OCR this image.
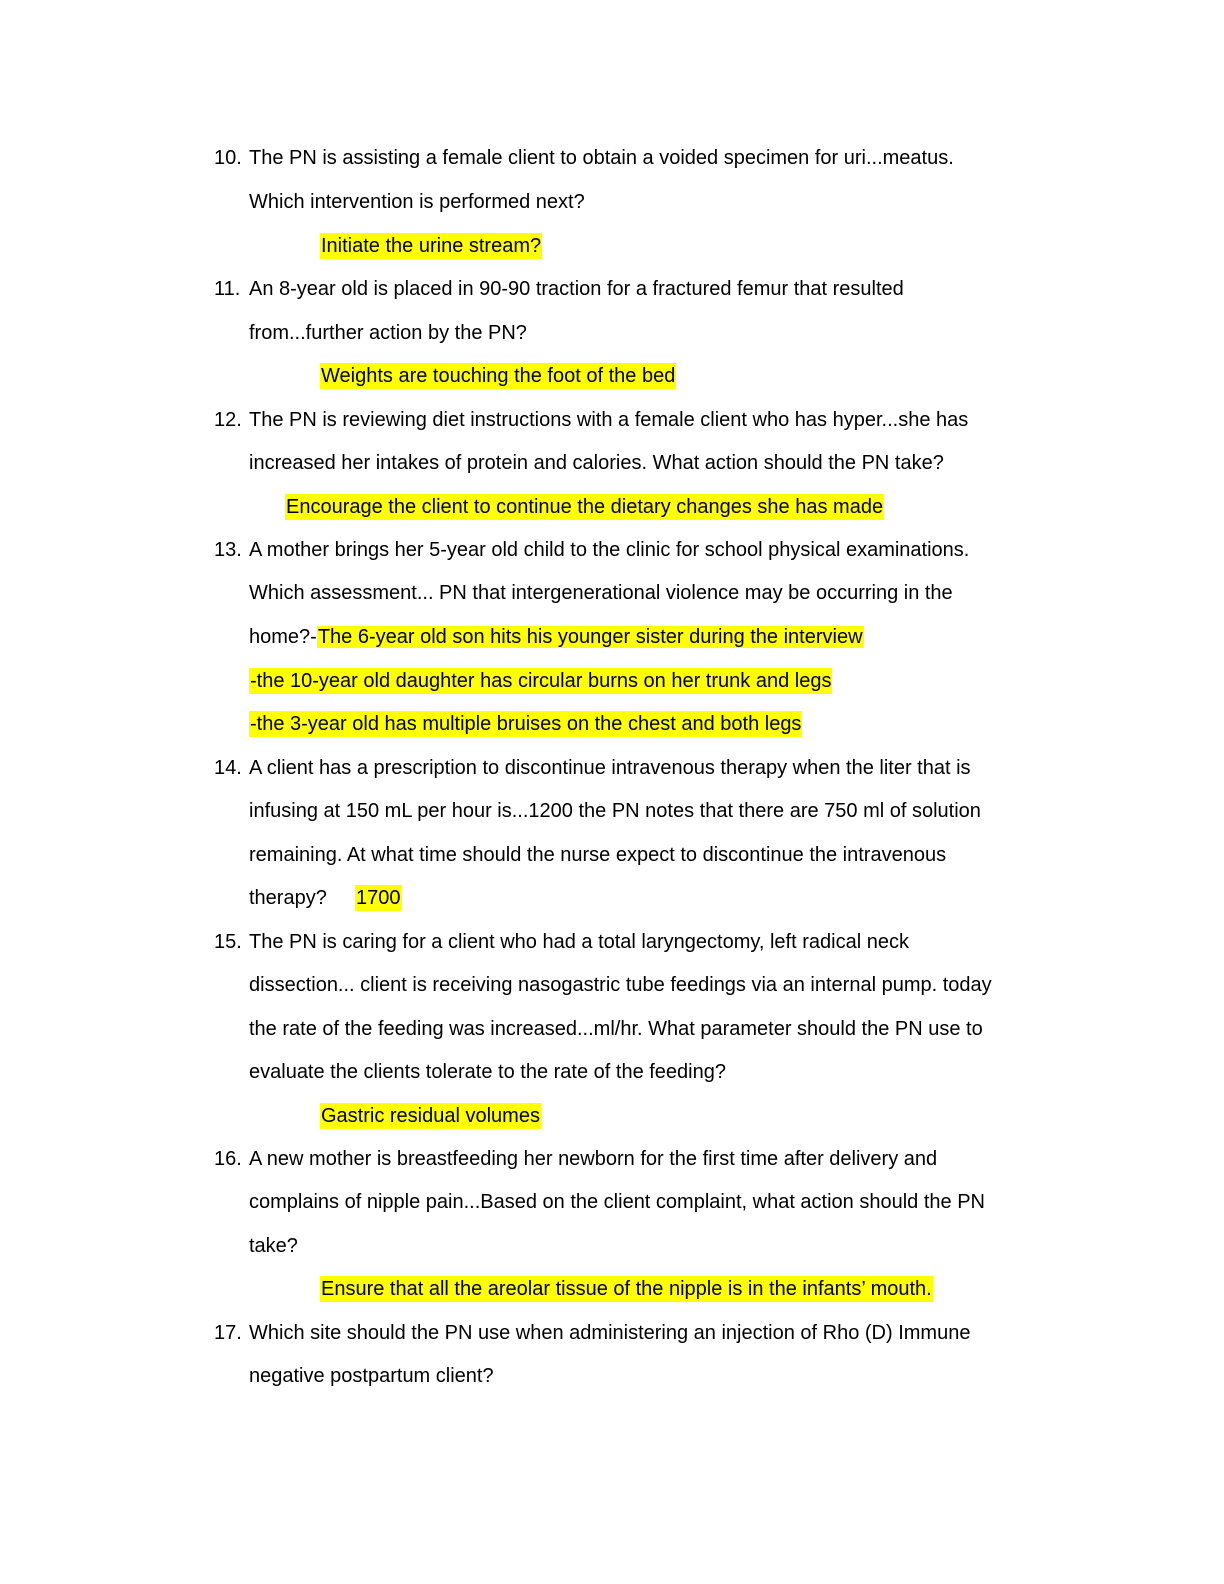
10. The PN is assisting a female client to obtain a voided specimen for uri...meatus.
Which intervention is performed next?
Initiate the urine stream?
11. An 8-year old is placed in 90-90 traction for a fractured femur that resulted
from...further action by the PN?
Weights are touching the foot of the bed
12. The PN is reviewing diet instructions with a female client who has hyper...she has
increased her intakes of protein and calories. What action should the PN take?
Encourage the client to continue the dietary changes she has made
13. A mother brings her 5-year old child to the clinic for school physical examinations.
Which assessment... PN that intergenerational violence may be occurring in the
home?-The 6-year old son hits his younger sister during the interview
-the 10-year old daughter has circular burns on her trunk and legs
-the 3-year old has multiple bruises on the chest and both legs
14. A client has a prescription to discontinue intravenous therapy when the liter that is
infusing at 150 mL per hour is...1200 the PN notes that there are 750 ml of solution
remaining. At what time should the nurse expect to discontinue the intravenous
therapy? 1700
15. The PN is caring for a client who had a total laryngectomy, left radical neck
dissection... client is receiving nasogastric tube feedings via an internal pump. today
the rate of the feeding was increased...ml/hr. What parameter should the PN use to
evaluate the clients tolerate to the rate of the feeding?
Gastric residual volumes
16. A new mother is breastfeeding her newborn for the first time after delivery and
complains of nipple pain...Based on the client complaint, what action should the PN
take?
Ensure that all the areolar tissue of the nipple is in the infants’ mouth.
17. Which site should the PN use when administering an injection of Rho (D) Immune
negative postpartum client?
